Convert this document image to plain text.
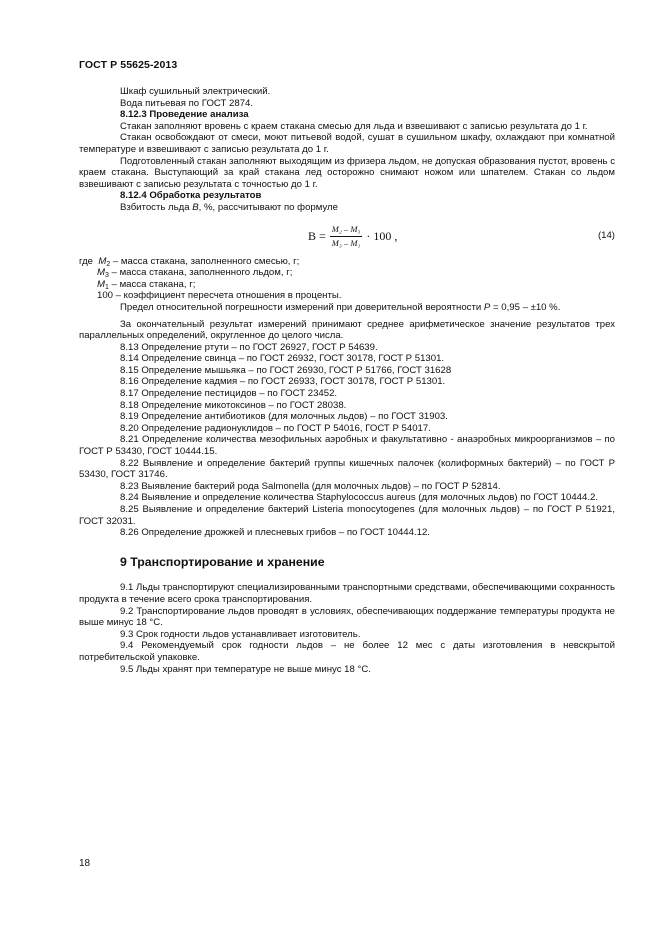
ГОСТ Р 55625-2013

Шкаф сушильный электрический.

Вода питьевая по ГОСТ 2874.

8.12.3 Проведение анализа

Стакан заполняют вровень с краем стакана смесью для льда и взвешивают с записью результата до 1 г.

Стакан освобождают от смеси, моют питьевой водой, сушат в сушильном шкафу, охлаждают при комнатной температуре и взвешивают с записью результата до 1 г.

Подготовленный стакан заполняют выходящим из фризера льдом, не допуская образования пустот, вровень с краем стакана. Выступающий за край стакана лед осторожно снимают ножом или шпателем. Стакан со льдом взвешивают с записью результата с точностью до 1 г.

8.12.4 Обработка результатов

Взбитость льда В, %, рассчитывают по формуле

$В = \frac{\text{M₂ – M₃}}{\text{M₃ – M₁}} \cdot 100$ ,	(14)
где $M_2$ – масса стакана, заполненного смесью, г;
$M_3$ – масса стакана, заполненного льдом, г;
$M_1$ – масса стакана, г;
100 – коэффициент пересчета отношения в проценты.

Предел относительной погрешности измерений при доверительной вероятности P = 0,95 – ±10 %.

За окончательный результат измерений принимают среднее арифметическое значение результатов трех параллельных определений, округленное до целого числа.

8.13 Определение ртути – по ГОСТ 26927, ГОСТ Р 54639.

8.14 Определение свинца – по ГОСТ 26932, ГОСТ 30178, ГОСТ Р 51301.

8.15 Определение мышьяка – по ГОСТ 26930, ГОСТ Р 51766, ГОСТ 31628

8.16 Определение кадмия – по ГОСТ 26933, ГОСТ 30178, ГОСТ Р 51301.

8.17 Определение пестицидов – по ГОСТ 23452.

8.18 Определение микотоксинов – по ГОСТ 28038.

8.19 Определение антибиотиков (для молочных льдов) – по ГОСТ 31903.

8.20 Определение радионуклидов – по ГОСТ Р 54016, ГОСТ Р 54017.

8.21 Определение количества мезофильных аэробных и факультативно - анаэробных микроорганизмов – по ГОСТ Р 53430, ГОСТ 10444.15.

8.22 Выявление и определение бактерий группы кишечных палочек (колиформных бактерий) – по ГОСТ Р 53430, ГОСТ 31746.

8.23 Выявление бактерий рода Salmonella (для молочных льдов) – по ГОСТ Р 52814.

8.24 Выявление и определение количества Staphylococcus aureus (для молочных льдов) по ГОСТ 10444.2.

8.25 Выявление и определение бактерий Listeria monocytogenes (для молочных льдов) – по ГОСТ Р 51921, ГОСТ 32031.

8.26 Определение дрожжей и плесневых грибов – по ГОСТ 10444.12.

9 Транспортирование и хранение

9.1 Льды транспортируют специализированными транспортными средствами, обеспечивающими сохранность продукта в течение всего срока транспортирования.

9.2 Транспортирование льдов проводят в условиях, обеспечивающих поддержание температуры продукта не выше минус 18 °С.

9.3 Срок годности льдов устанавливает изготовитель.

9.4 Рекомендуемый срок годности льдов – не более 12 мес с даты изготовления в невскрытой потребительской упаковке.

9.5 Льды хранят при температуре не выше минус 18 °С.

18
